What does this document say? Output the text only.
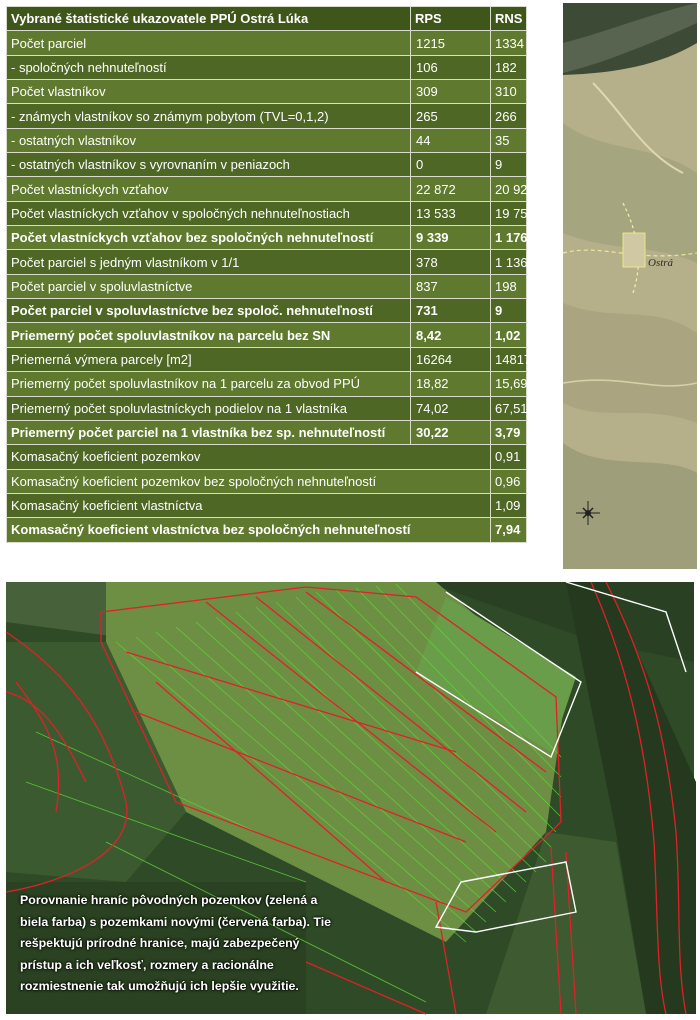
Vybrané štatistické ukazovatele PPÚ Ostrá Lúka	RPS	RNS
Počet parciel	1215	1334
- spoločných nehnuteľností	106	182
Počet vlastníkov	309	310
- známych vlastníkov so známym pobytom (TVL=0,1,2)	265	266
- ostatných vlastníkov	44	35
- ostatných vlastníkov s vyrovnaním v peniazoch	0	9
Počet vlastníckych vzťahov	22 872	20 929
Počet vlastníckych vzťahov v spoločných nehnuteľnostiach	13 533	19 753
Počet vlastníckych vzťahov bez spoločných nehnuteľností	9 339	1 176
Počet parciel s jedným vlastníkom v 1/1	378	1 136
Počet parciel v spoluvlastníctve	837	198
Počet parciel v spoluvlastníctve bez spoloč. nehnuteľností	731	9
Priemerný počet spoluvlastníkov na parcelu bez SN	8,42	1,02
Priemerná výmera parcely [m2]	16264	14817
Priemerný počet spoluvlastníkov na 1 parcelu za obvod PPÚ	18,82	15,69
Priemerný počet spoluvlastníckych podielov na 1 vlastníka	74,02	67,51
Priemerný počet parciel na 1 vlastníka bez sp. nehnuteľností	30,22	3,79
Komasačný koeficient pozemkov		0,91
Komasačný koeficient pozemkov bez spoločných nehnuteľností		0,96
Komasačný koeficient vlastníctva		1,09
Komasačný koeficient vlastníctva bez spoločných nehnuteľností		7,94
Ostrá
Porovnanie hraníc pôvodných pozemkov (zelená a
biela farba) s pozemkami novými (červená farba). Tie
rešpektujú prírodné hranice, majú zabezpečený
prístup a ich veľkosť, rozmery a racionálne
rozmiestnenie tak umožňujú ich lepšie využitie.
